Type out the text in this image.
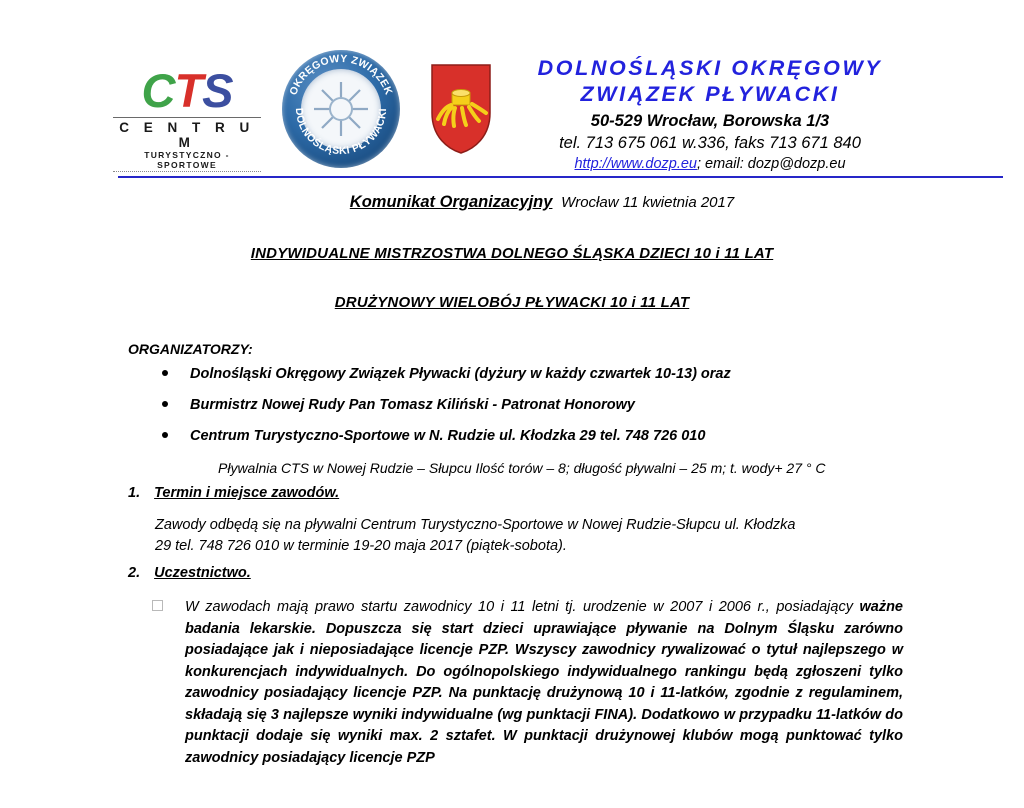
CTS
C E N T R U M
TURYSTYCZNO - SPORTOWE
OKRĘGOWY ZWIĄZEK
DOLNOŚLĄSKI PŁYWACKI
DOLNOŚLĄSKI OKRĘGOWY
ZWIĄZEK PŁYWACKI
50-529 Wrocław, Borowska 1/3
tel. 713 675 061 w.336, faks 713 671 840
http://www.dozp.eu; email: dozp@dozp.eu
Komunikat Organizacyjny Wrocław 11 kwietnia 2017
INDYWIDUALNE MISTRZOSTWA DOLNEGO ŚLĄSKA DZIECI 10 i 11 LAT
DRUŻYNOWY WIELOBÓJ PŁYWACKI 10 i 11 LAT
ORGANIZATORZY:
Dolnośląski Okręgowy Związek Pływacki (dyżury w każdy czwartek 10-13) oraz
Burmistrz Nowej Rudy Pan Tomasz Kiliński - Patronat Honorowy
Centrum Turystyczno-Sportowe w N. Rudzie ul. Kłodzka 29 tel. 748 726 010
Pływalnia CTS w Nowej Rudzie – Słupcu Ilość torów – 8; długość pływalni – 25 m; t. wody+ 27 ° C
1. Termin i miejsce zawodów.
Zawody odbędą się na pływalni Centrum Turystyczno-Sportowe w Nowej Rudzie-Słupcu ul. Kłodzka
29 tel. 748 726 010 w terminie 19-20 maja 2017 (piątek-sobota).
2. Uczestnictwo.
W zawodach mają prawo startu zawodnicy 10 i 11 letni tj. urodzenie w 2007 i 2006 r., posiadający ważne badania lekarskie. Dopuszcza się start dzieci uprawiające pływanie na Dolnym Śląsku zarówno posiadające jak i nieposiadające licencje PZP. Wszyscy zawodnicy rywalizować o tytuł najlepszego w konkurencjach indywidualnych. Do ogólnopolskiego indywidualnego rankingu będą zgłoszeni tylko zawodnicy posiadający licencje PZP. Na punktację drużynową 10 i 11-latków, zgodnie z regulaminem, składają się 3 najlepsze wyniki indywidualne (wg punktacji FINA). Dodatkowo w przypadku 11-latków do punktacji dodaje się wyniki max. 2 sztafet. W punktacji drużynowej klubów mogą punktować tylko zawodnicy posiadający licencje PZP
